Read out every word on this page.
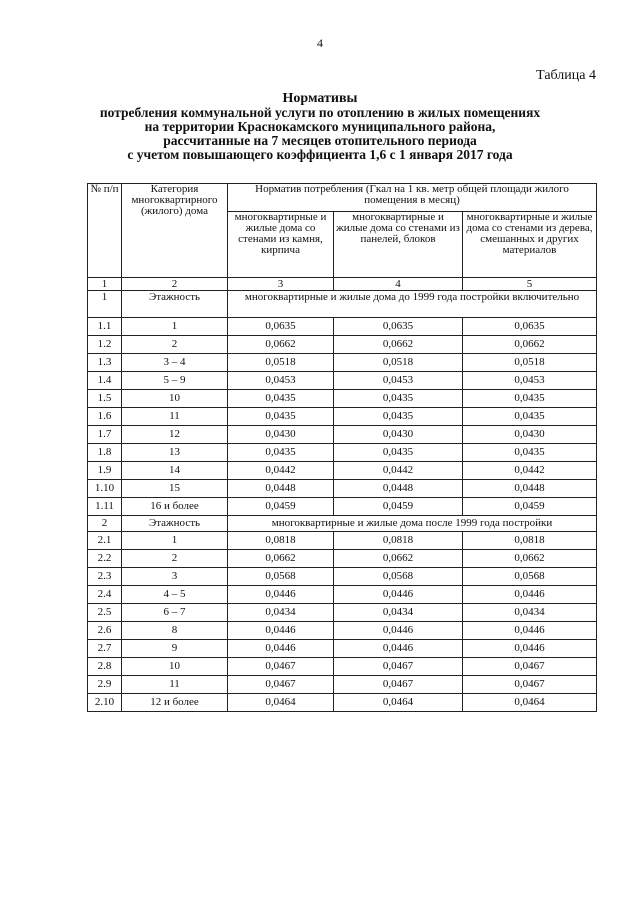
4
Таблица 4
Нормативы
потребления коммунальной услуги по отоплению в жилых помещениях
на территории Краснокамского муниципального района,
рассчитанные на 7 месяцев отопительного периода
с учетом повышающего коэффициента 1,6 с 1 января 2017 года
№ п/п	Категория многоквартирного (жилого) дома	Норматив потребления (Гкал на 1 кв. метр общей площади жилого помещения в месяц)		
		многоквартирные и жилые дома со стенами из камня, кирпича	многоквартирные и жилые дома со стенами из панелей, блоков	многоквартирные и жилые дома со стенами из дерева, смешанных и других материалов
1	2	3	4	5
1	Этажность	многоквартирные и жилые дома до 1999 года постройки включительно		
1.1	1	0,0635	0,0635	0,0635
1.2	2	0,0662	0,0662	0,0662
1.3	3 – 4	0,0518	0,0518	0,0518
1.4	5 – 9	0,0453	0,0453	0,0453
1.5	10	0,0435	0,0435	0,0435
1.6	11	0,0435	0,0435	0,0435
1.7	12	0,0430	0,0430	0,0430
1.8	13	0,0435	0,0435	0,0435
1.9	14	0,0442	0,0442	0,0442
1.10	15	0,0448	0,0448	0,0448
1.11	16 и более	0,0459	0,0459	0,0459
2	Этажность	многоквартирные и жилые дома после 1999 года постройки		
2.1	1	0,0818	0,0818	0,0818
2.2	2	0,0662	0,0662	0,0662
2.3	3	0,0568	0,0568	0,0568
2.4	4 – 5	0,0446	0,0446	0,0446
2.5	6 – 7	0,0434	0,0434	0,0434
2.6	8	0,0446	0,0446	0,0446
2.7	9	0,0446	0,0446	0,0446
2.8	10	0,0467	0,0467	0,0467
2.9	11	0,0467	0,0467	0,0467
2.10	12 и более	0,0464	0,0464	0,0464
